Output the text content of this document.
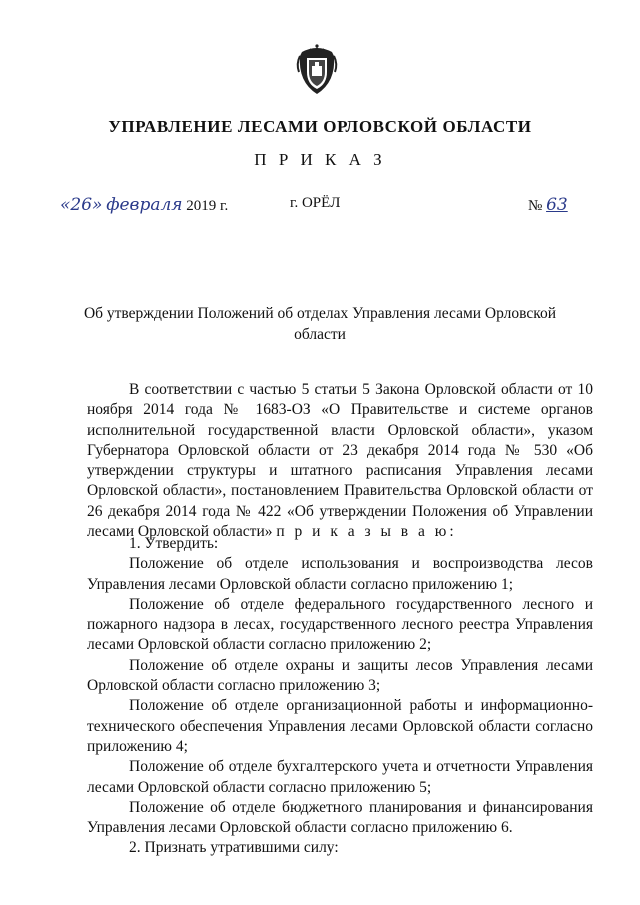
УПРАВЛЕНИЕ ЛЕСАМИ ОРЛОВСКОЙ ОБЛАСТИ
П Р И К А З
«26» февраля 2019 г.	г. ОРЁЛ	№ 63
Об утверждении Положений об отделах Управления лесами Орловской
области

В соответствии с частью 5 статьи 5 Закона Орловской области от 10 ноября 2014 года № 1683-ОЗ «О Правительстве и системе органов исполнительной государственной власти Орловской области», указом Губернатора Орловской области от 23 декабря 2014 года № 530 «Об утверждении структуры и штатного расписания Управления лесами Орловской области», постановлением Правительства Орловской области от 26 декабря 2014 года № 422 «Об утверждении Положения об Управлении лесами Орловской области» п р и к а з ы в а ю:

1. Утвердить:

Положение об отделе использования и воспроизводства лесов Управления лесами Орловской области согласно приложению 1;

Положение об отделе федерального государственного лесного и пожарного надзора в лесах, государственного лесного реестра Управления лесами Орловской области согласно приложению 2;

Положение об отделе охраны и защиты лесов Управления лесами Орловской области согласно приложению 3;

Положение об отделе организационной работы и информационно-технического обеспечения Управления лесами Орловской области согласно приложению 4;

Положение об отделе бухгалтерского учета и отчетности Управления лесами Орловской области согласно приложению 5;

Положение об отделе бюджетного планирования и финансирования Управления лесами Орловской области согласно приложению 6.

2. Признать утратившими силу:
